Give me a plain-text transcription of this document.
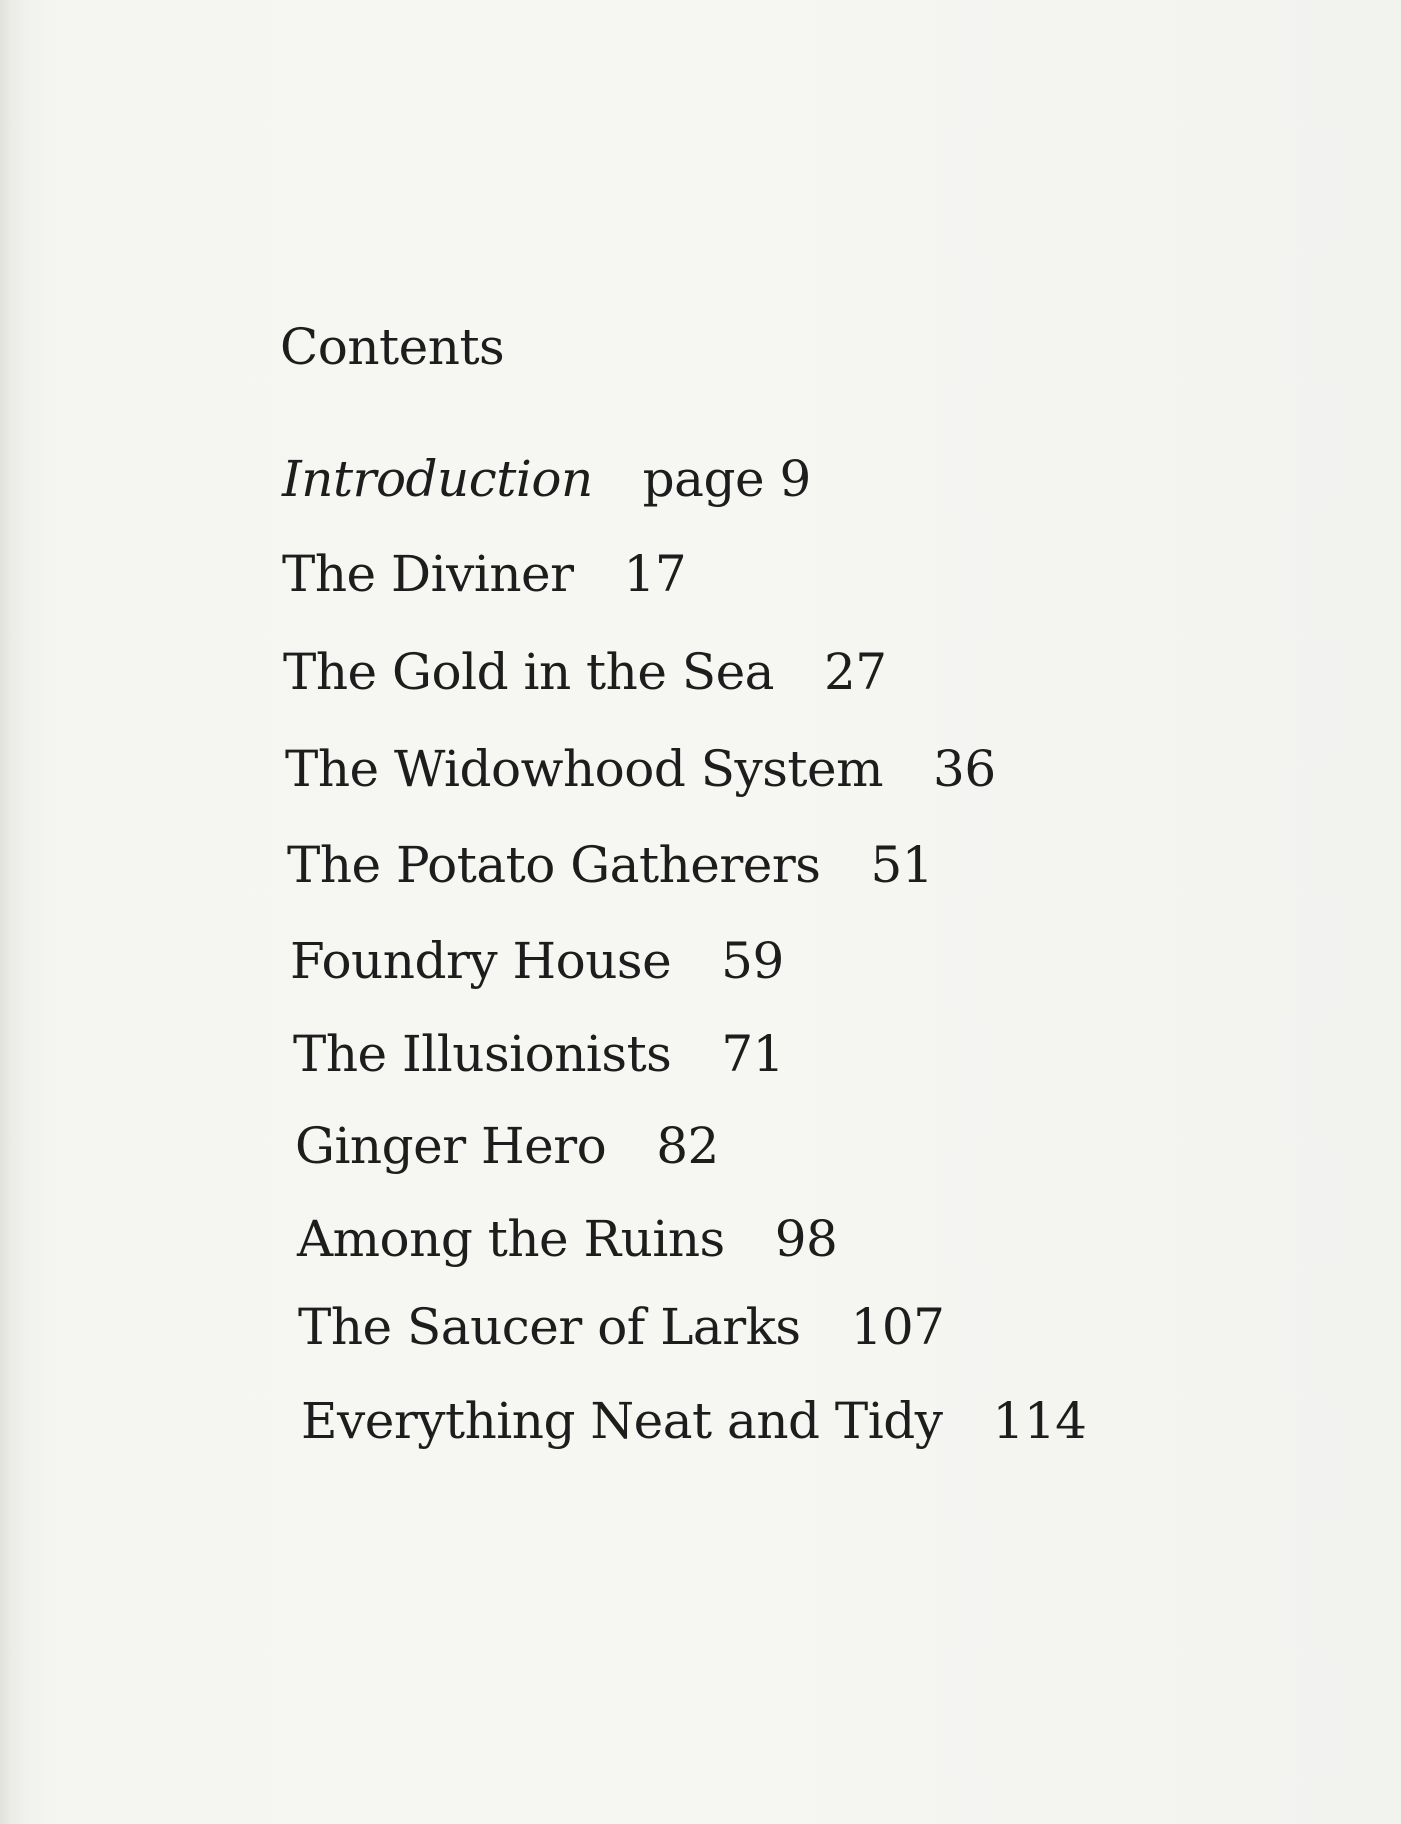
Contents
Introduction page 9
The Diviner 17
The Gold in the Sea 27
The Widowhood System 36
The Potato Gatherers 51
Foundry House 59
The Illusionists 71
Ginger Hero 82
Among the Ruins 98
The Saucer of Larks 107
Everything Neat and Tidy 114
